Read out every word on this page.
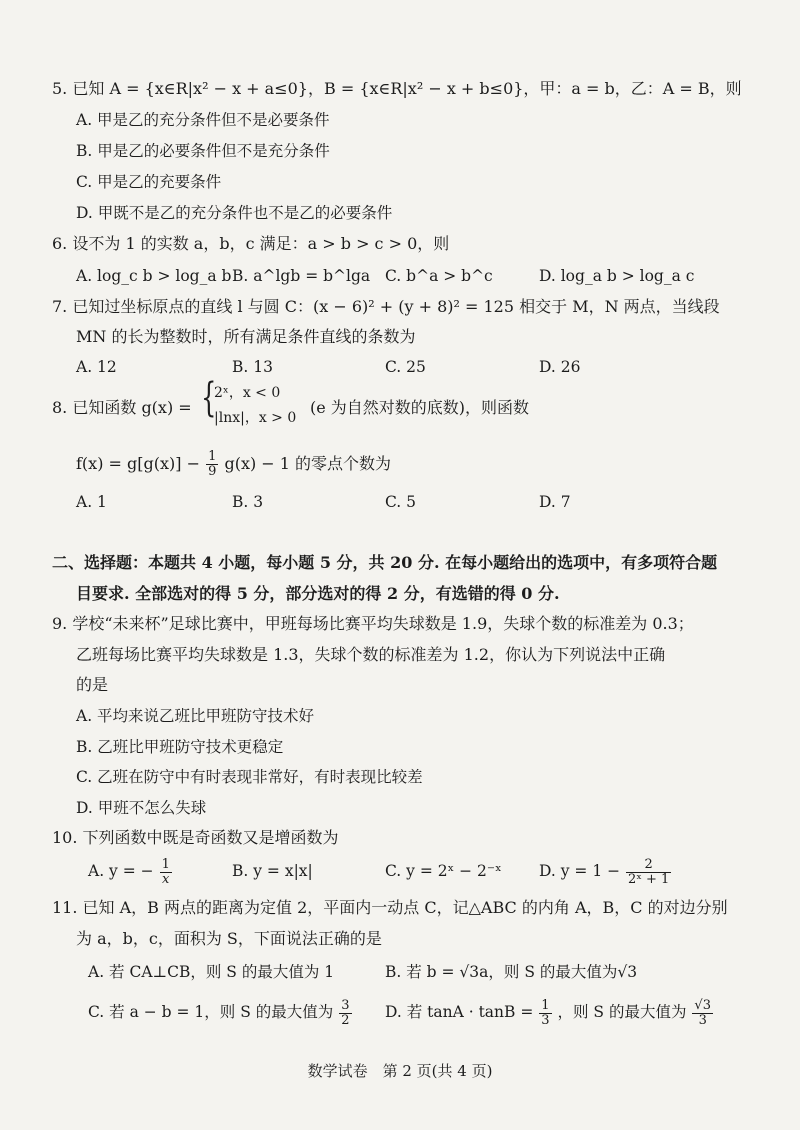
5. 已知 A = {x∈R|x² − x + a≤0}，B = {x∈R|x² − x + b≤0}，甲：a = b，乙：A = B，则
A. 甲是乙的充分条件但不是必要条件
B. 甲是乙的必要条件但不是充分条件
C. 甲是乙的充要条件
D. 甲既不是乙的充分条件也不是乙的必要条件
6. 设不为 1 的实数 a，b，c 满足：a > b > c > 0，则
A. log_c b > log_a b B. a^lgb = b^lga C. b^a > b^c	D. log_a b > log_a c
7. 已知过坐标原点的直线 l 与圆 C：(x − 6)² + (y + 8)² = 125 相交于 M，N 两点，当线段
MN 的长为整数时，所有满足条件直线的条数为
A. 12	B. 13	C. 25	D. 26
8. 已知函数 g(x) = {
2ˣ，x < 0
|lnx|，x > 0
(e 为自然对数的底数)，则函数
$f(x) = g[g(x)] - \frac{1}{9} g(x) - 1$ 的零点个数为
A. 1	B. 3	C. 5	D. 7
二、选择题：本题共 4 小题，每小题 5 分，共 20 分. 在每小题给出的选项中，有多项符合题
目要求. 全部选对的得 5 分，部分选对的得 2 分，有选错的得 0 分.
9. 学校“未来杯”足球比赛中，甲班每场比赛平均失球数是 1.9，失球个数的标准差为 0.3；
乙班每场比赛平均失球数是 1.3，失球个数的标准差为 1.2，你认为下列说法中正确
的是
A. 平均来说乙班比甲班防守技术好
B. 乙班比甲班防守技术更稳定
C. 乙班在防守中有时表现非常好，有时表现比较差
D. 甲班不怎么失球
10. 下列函数中既是奇函数又是增函数为
A. y = − $\frac{1}{x}$	B. y = x|x|	C. y = 2ˣ − 2⁻ˣ D. $y = 1 - \frac{2}{\text{2ˣ + 1}}$
11. 已知 A，B 两点的距离为定值 2，平面内一动点 C，记△ABC 的内角 A，B，C 的对边分别
为 a，b，c，面积为 S，下面说法正确的是
A. 若 CA⊥CB，则 S 的最大值为 1	B. 若 b = √3a，则 S 的最大值为√3
C. 若 a − b = 1，则 S 的最大值为 $\frac{3}{2} D$. 若 $\tan A \cdot \tan B = \frac{1}{3}$ ，则 S 的最大值为 $\frac{√3}{3}$
数学试卷　第 2 页(共 4 页)
